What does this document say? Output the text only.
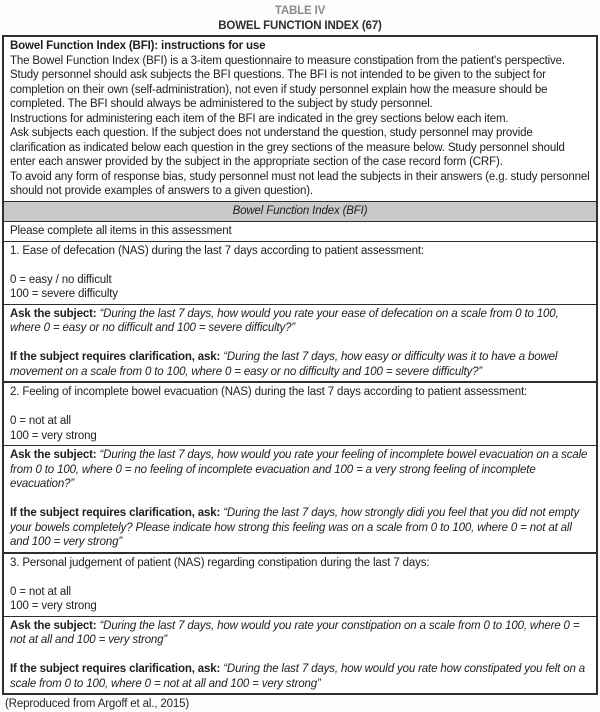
TABLE IV
BOWEL FUNCTION INDEX (67)
Bowel Function Index (BFI): instructions for use

The Bowel Function Index (BFI) is a 3-item questionnaire to measure constipation from the patient's perspective. Study personnel should ask subjects the BFI questions. The BFI is not intended to be given to the subject for completion on their own (self-administration), not even if study personnel explain how the measure should be completed. The BFI should always be administered to the subject by study personnel.

Instructions for administering each item of the BFI are indicated in the grey sections below each item.

Ask subjects each question. If the subject does not understand the question, study personnel may provide clarification as indicated below each question in the grey sections of the measure below. Study personnel should enter each answer provided by the subject in the appropriate section of the case record form (CRF).

To avoid any form of response bias, study personnel must not lead the subjects in their answers (e.g. study personnel should not provide examples of answers to a given question).

Bowel Function Index (BFI)
Please complete all items in this assessment
1. Ease of defecation (NAS) during the last 7 days according to patient assessment:
0 = easy / no difficult
100 = severe difficulty

Ask the subject: “During the last 7 days, how would you rate your ease of defecation on a scale from 0 to 100, where 0 = easy or no difficult and 100 = severe difficulty?”

If the subject requires clarification, ask: “During the last 7 days, how easy or difficulty was it to have a bowel movement on a scale from 0 to 100, where 0 = easy or no difficulty and 100 = severe difficulty?”

2. Feeling of incomplete bowel evacuation (NAS) during the last 7 days according to patient assessment:
0 = not at all
100 = very strong

Ask the subject: “During the last 7 days, how would you rate your feeling of incomplete bowel evacuation on a scale from 0 to 100, where 0 = no feeling of incomplete evacuation and 100 = a very strong feeling of incomplete evacuation?”

If the subject requires clarification, ask: “During the last 7 days, how strongly didi you feel that you did not empty your bowels completely? Please indicate how strong this feeling was on a scale from 0 to 100, where 0 = not at all and 100 = very strong”

3. Personal judgement of patient (NAS) regarding constipation during the last 7 days:
0 = not at all
100 = very strong

Ask the subject: “During the last 7 days, how would you rate your constipation on a scale from 0 to 100, where 0 = not at all and 100 = very strong”

If the subject requires clarification, ask: “During the last 7 days, how would you rate how constipated you felt on a scale from 0 to 100, where 0 = not at all and 100 = very strong”

(Reproduced from Argoff et al., 2015)
